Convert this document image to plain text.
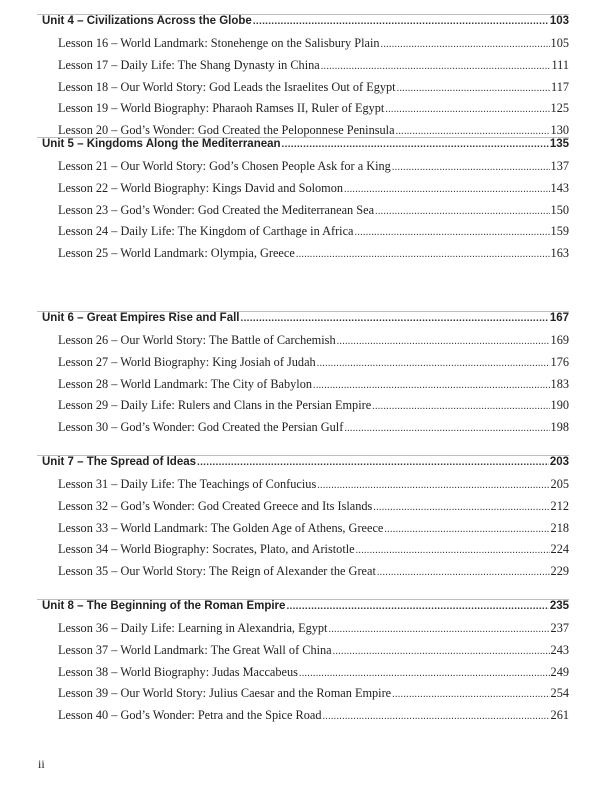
Unit 4 – Civilizations Across the Globe .....	103
Lesson 16 – World Landmark: Stonehenge on the Salisbury Plain .....	105
Lesson 17 – Daily Life: The Shang Dynasty in China .....	111
Lesson 18 – Our World Story: God Leads the Israelites Out of Egypt .....	117
Lesson 19 – World Biography: Pharaoh Ramses II, Ruler of Egypt .....	125
Lesson 20 – God’s Wonder: God Created the Peloponnese Peninsula .....	130
Unit 5 – Kingdoms Along the Mediterranean .....	135
Lesson 21 – Our World Story: God’s Chosen People Ask for a King .....	137
Lesson 22 – World Biography: Kings David and Solomon .....	143
Lesson 23 – God’s Wonder: God Created the Mediterranean Sea .....	150
Lesson 24 – Daily Life: The Kingdom of Carthage in Africa .....	159
Lesson 25 – World Landmark: Olympia, Greece .....	163
Unit 6 – Great Empires Rise and Fall .....	167
Lesson 26 – Our World Story: The Battle of Carchemish .....	169
Lesson 27 – World Biography: King Josiah of Judah .....	176
Lesson 28 – World Landmark: The City of Babylon .....	183
Lesson 29 – Daily Life: Rulers and Clans in the Persian Empire .....	190
Lesson 30 – God’s Wonder: God Created the Persian Gulf .....	198
Unit 7 – The Spread of Ideas .....	203
Lesson 31 – Daily Life: The Teachings of Confucius .....	205
Lesson 32 – God’s Wonder: God Created Greece and Its Islands .....	212
Lesson 33 – World Landmark: The Golden Age of Athens, Greece .....	218
Lesson 34 – World Biography: Socrates, Plato, and Aristotle .....	224
Lesson 35 – Our World Story: The Reign of Alexander the Great .....	229
Unit 8 – The Beginning of the Roman Empire .....	235
Lesson 36 – Daily Life: Learning in Alexandria, Egypt .....	237
Lesson 37 – World Landmark: The Great Wall of China .....	243
Lesson 38 – World Biography: Judas Maccabeus .....	249
Lesson 39 – Our World Story: Julius Caesar and the Roman Empire .....	254
Lesson 40 – God’s Wonder: Petra and the Spice Road .....	261
ii
